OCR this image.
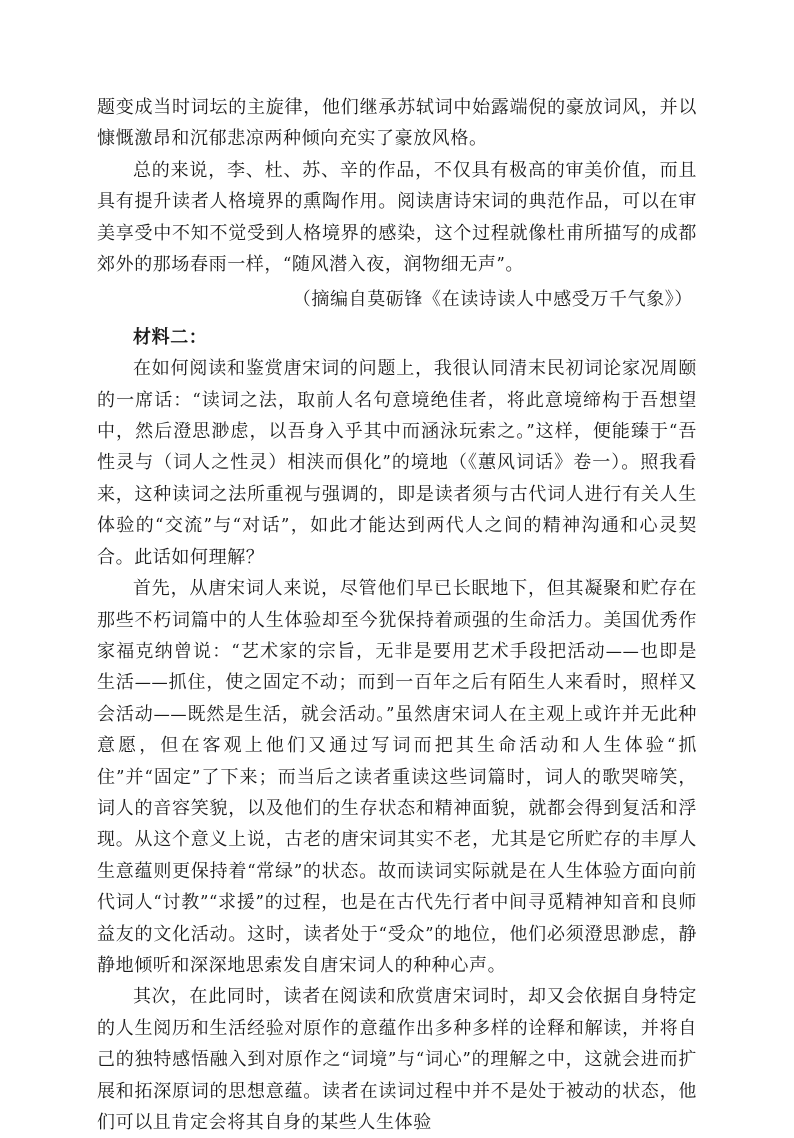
题变成当时词坛的主旋律，他们继承苏轼词中始露端倪的豪放词风，并以慷慨激昂和沉郁悲凉两种倾向充实了豪放风格。

总的来说，李、杜、苏、辛的作品，不仅具有极高的审美价值，而且具有提升读者人格境界的熏陶作用。阅读唐诗宋词的典范作品，可以在审美享受中不知不觉受到人格境界的感染，这个过程就像杜甫所描写的成都郊外的那场春雨一样，“随风潜入夜，润物细无声”。

（摘编自莫砺锋《在读诗读人中感受万千气象》）

材料二：

在如何阅读和鉴赏唐宋词的问题上，我很认同清末民初词论家况周颐的一席话：“读词之法，取前人名句意境绝佳者，将此意境缔构于吾想望中，然后澄思渺虑，以吾身入乎其中而涵泳玩索之。”这样，便能臻于“吾性灵与（词人之性灵）相浃而俱化”的境地（《蕙风词话》卷一）。照我看来，这种读词之法所重视与强调的，即是读者须与古代词人进行有关人生体验的“交流”与“对话”，如此才能达到两代人之间的精神沟通和心灵契合。此话如何理解？

首先，从唐宋词人来说，尽管他们早已长眠地下，但其凝聚和贮存在那些不朽词篇中的人生体验却至今犹保持着顽强的生命活力。美国优秀作家福克纳曾说：“艺术家的宗旨，无非是要用艺术手段把活动——也即是生活——抓住，使之固定不动；而到一百年之后有陌生人来看时，照样又会活动——既然是生活，就会活动。”虽然唐宋词人在主观上或许并无此种意愿，但在客观上他们又通过写词而把其生命活动和人生体验“抓住”并“固定”了下来；而当后之读者重读这些词篇时，词人的歌哭啼笑，词人的音容笑貌，以及他们的生存状态和精神面貌，就都会得到复活和浮现。从这个意义上说，古老的唐宋词其实不老，尤其是它所贮存的丰厚人生意蕴则更保持着“常绿”的状态。故而读词实际就是在人生体验方面向前代词人“讨教”“求援”的过程，也是在古代先行者中间寻觅精神知音和良师益友的文化活动。这时，读者处于“受众”的地位，他们必须澄思渺虑，静静地倾听和深深地思索发自唐宋词人的种种心声。

其次，在此同时，读者在阅读和欣赏唐宋词时，却又会依据自身特定的人生阅历和生活经验对原作的意蕴作出多种多样的诠释和解读，并将自己的独特感悟融入到对原作之“词境”与“词心”的理解之中，这就会进而扩展和拓深原词的思想意蕴。读者在读词过程中并不是处于被动的状态，他们可以且肯定会将其自身的某些人生体验
